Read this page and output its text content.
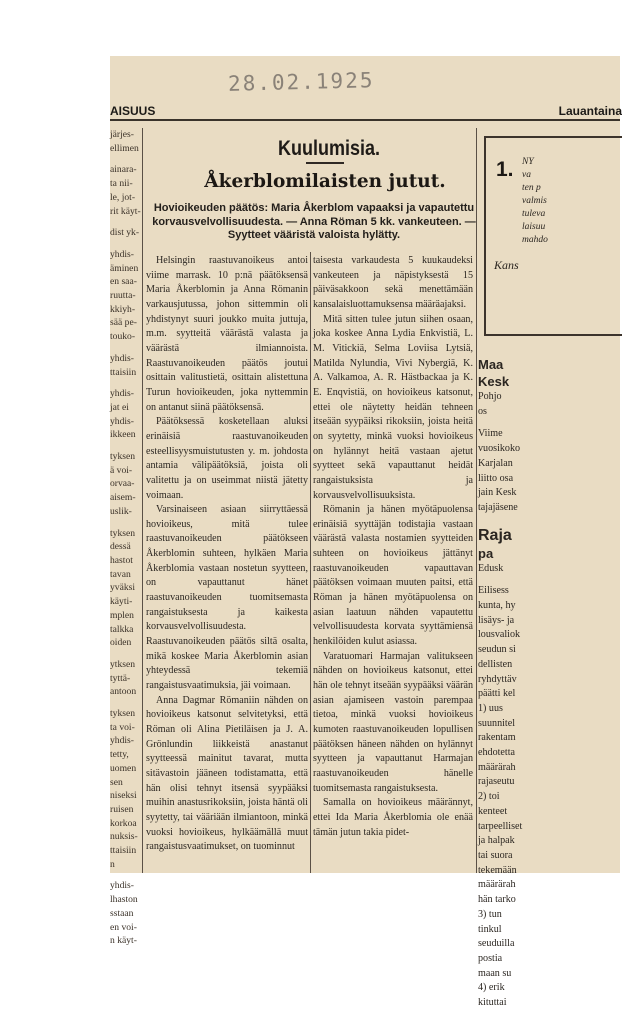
28.02.1925
AISUUS	Lauantaina
järjes-
ellimen
ainara-
ta nii-
le, jot-
rit käyt-
dist yk-
yhdis-
äminen
en saa-
ruutta-
kkiyh-
sää pe-
touko-
yhdis-
ttaisiin
yhdis-
jat ei
yhdis-
ikkeen
tyksen
ä voi-
orvaa-
aisem-
uslik-
tyksen
dessä
hastot
tavan
yväksi
käyti-
mplen
talkka
oiden
ytksen
tyttä-
antoon
tyksen
ta voi-
yhdis-
tetty,
uomen
sen
niseksi
ruisen
korkoa
nuksis-
ttaisiin
n
yhdis-
lhaston
sstaan
en voi-
n käyt-
Kuulumisia.
Åkerblomilaisten jutut.
Hovioikeuden päätös: Maria Åkerblom vapaaksi ja vapautettu korvausvelvollisuudesta. — Anna Röman 5 kk. vankeuteen. — Syytteet vääristä valoista hylätty.

Helsingin raastuvanoikeus antoi viime marrask. 10 p:nä päätöksensä Maria Åkerblomin ja Anna Römanin varkausjutussa, johon sittemmin oli yhdistynyt suuri joukko muita juttuja, m.m. syytteitä väärästä valasta ja väärästä ilmiannoista. Raastuvanoikeuden päätös joutui osittain valitustietä, osittain alistettuna Turun hovioikeuden, joka nyttemmin on antanut siinä päätöksensä.

Päätöksessä kosketellaan aluksi erinäisiä raastuvanoikeuden esteellisyysmuistutusten y. m. johdosta antamia välipäätöksiä, joista oli valitettu ja on useimmat niistä jätetty voimaan.

Varsinaiseen asiaan siirryttäessä hovioikeus, mitä tulee raastuvanoikeuden päätökseen Åkerblomin suhteen, hylkäen Maria Åkerblomia vastaan nostetun syytteen, on vapauttanut hänet raastuvanoikeuden tuomitsemasta rangaistuksesta ja kaikesta korvausvelvollisuudesta. Raastuvanoikeuden päätös siltä osalta, mikä koskee Maria Åkerblomin asian yhteydessä tekemiä rangaistusvaatimuksia, jäi voimaan.

Anna Dagmar Römaniin nähden on hovioikeus katsonut selvitetyksi, että Röman oli Alina Pietiläisen ja J. A. Grönlundin liikkeistä anastanut syytteessä mainitut tavarat, mutta sitävastoin jääneen todistamatta, että hän olisi tehnyt itsensä syypääksi muihin anastusrikoksiin, joista häntä oli syytetty, tai vääriään ilmiantoon, minkä vuoksi hovioikeus, hylkäämällä muut rangaistusvaatimukset, on tuominnut

taisesta varkaudesta 5 kuukaudeksi vankeuteen ja näpistyksestä 15 päiväsakkoon sekä menettämään kansalaisluottamuksensa määräajaksi.

Mitä sitten tulee jutun siihen osaan, joka koskee Anna Lydia Enkvistiä, L. M. Vitickiä, Selma Loviisa Lytsiä, Matilda Nylundia, Vivi Nybergiä, K. A. Valkamoa, A. R. Hästbackaa ja K. E. Enqvistiä, on hovioikeus katsonut, ettei ole näytetty heidän tehneen itseään syypäiksi rikoksiin, joista heitä on syytetty, minkä vuoksi hovioikeus on hylännyt heitä vastaan ajetut syytteet sekä vapauttanut heidät rangaistuksista ja korvausvelvollisuuksista.

Römanin ja hänen myötäpuolensa erinäisiä syyttäjän todistajia vastaan väärästä valasta nostamien syytteiden suhteen on hovioikeus jättänyt raastuvanoikeuden vapauttavan päätöksen voimaan muuten paitsi, että Röman ja hänen myötäpuolensa on asian laatuun nähden vapautettu velvollisuudesta korvata syyttämiensä henkilöiden kulut asiassa.

Varatuomari Harmajan valitukseen nähden on hovioikeus katsonut, ettei hän ole tehnyt itseään syypääksi väärän asian ajamiseen vastoin parempaa tietoa, minkä vuoksi hovioikeus kumoten raastuvanoikeuden lopullisen päätöksen häneen nähden on hylännyt syytteen ja vapauttanut Harmajan raastuvanoikeuden hänelle tuomitsemasta rangaistuksesta.

Samalla on hovioikeus määrännyt, ettei Ida Maria Åkerblomia ole enää tämän jutun takia pidet-

1. NY
va
ten p
valmis
tuleva
laisuu
mahdo
Kans
Maa
Kesk
Pohjo
os
Viime
vuosikoko
Karjalan
liitto osa
jain Kesk
tajajäsene
Raja
pa
Edusk
Eilisess
kunta, hy
lisäys- ja
lousvaliok
seudun si
dellisten
ryhdyttäv
päätti kel
1) uus
suunnitel
rakentam
ehdotetta
määrärah
rajaseutu
2) toi
kenteet
tarpeelliset
ja halpak
tai suora
tekemään
määrärah
hän tarko
3) tun
tinkul
seuduilla
postia
maan su
4) erik
kituttai
